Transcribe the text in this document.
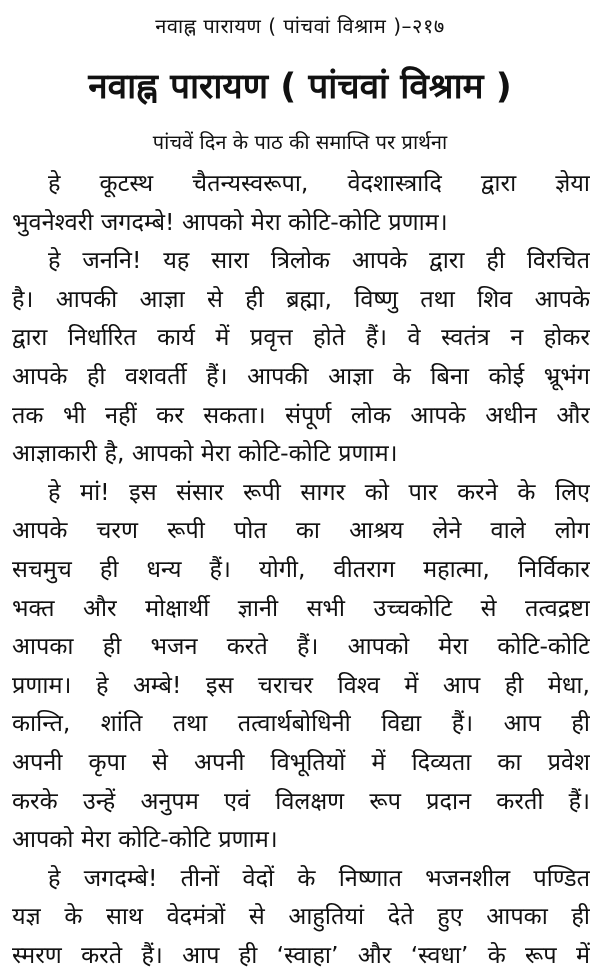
नवाह्न पारायण ( पांचवां विश्राम )–२१७
नवाह्न पारायण ( पांचवां विश्राम )
पांचवें दिन के पाठ की समाप्ति पर प्रार्थना
हे कूटस्थ चैतन्यस्वरूपा, वेदशास्त्रादि द्वारा ज्ञेया
भुवनेश्वरी जगदम्बे! आपको मेरा कोटि-कोटि प्रणाम।
हे जननि! यह सारा त्रिलोक आपके द्वारा ही विरचित
है। आपकी आज्ञा से ही ब्रह्मा, विष्णु तथा शिव आपके
द्वारा निर्धारित कार्य में प्रवृत्त होते हैं। वे स्वतंत्र न होकर
आपके ही वशवर्ती हैं। आपकी आज्ञा के बिना कोई भ्रूभंग
तक भी नहीं कर सकता। संपूर्ण लोक आपके अधीन और
आज्ञाकारी है, आपको मेरा कोटि-कोटि प्रणाम।
हे मां! इस संसार रूपी सागर को पार करने के लिए
आपके चरण रूपी पोत का आश्रय लेने वाले लोग
सचमुच ही धन्य हैं। योगी, वीतराग महात्मा, निर्विकार
भक्त और मोक्षार्थी ज्ञानी सभी उच्चकोटि से तत्वद्रष्टा
आपका ही भजन करते हैं। आपको मेरा कोटि-कोटि
प्रणाम। हे अम्बे! इस चराचर विश्व में आप ही मेधा,
कान्ति, शांति तथा तत्वार्थबोधिनी विद्या हैं। आप ही
अपनी कृपा से अपनी विभूतियों में दिव्यता का प्रवेश
करके उन्हें अनुपम एवं विलक्षण रूप प्रदान करती हैं।
आपको मेरा कोटि-कोटि प्रणाम।
हे जगदम्बे! तीनों वेदों के निष्णात भजनशील पण्डित
यज्ञ के साथ वेदमंत्रों से आहुतियां देते हुए आपका ही
स्मरण करते हैं। आप ही ‘स्वाहा’ और ‘स्वधा’ के रूप में
